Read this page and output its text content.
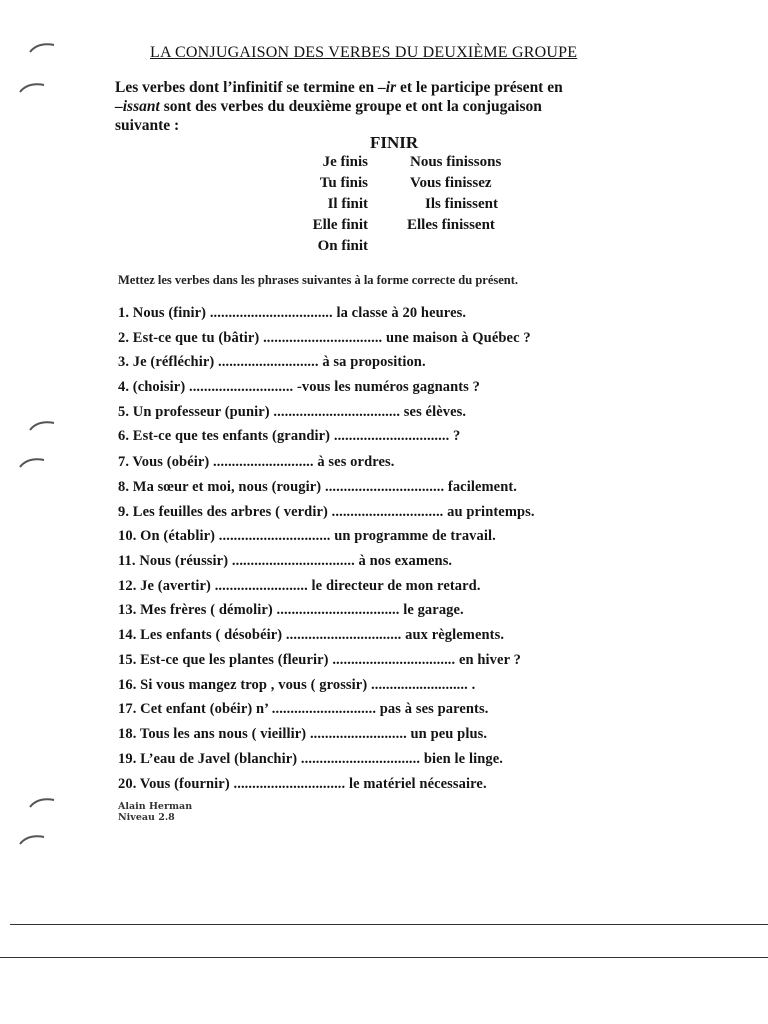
LA CONJUGAISON DES VERBES DU DEUXIÈME GROUPE
Les verbes dont l’infinitif se termine en –ir et le participe présent en
–issant sont des verbes du deuxième groupe et ont la conjugaison
suivante :
FINIR
Je finis
Tu finis
Il finit
Elle finit
On finit
Nous finissons
Vous finissez
Ils finissent
Elles finissent
Mettez les verbes dans les phrases suivantes à la forme correcte du présent.
1. Nous (finir) ................................. la classe à 20 heures.
2. Est-ce que tu (bâtir) ................................ une maison à Québec ?
3. Je (réfléchir) ........................... à sa proposition.
4. (choisir) ............................ -vous les numéros gagnants ?
5. Un professeur (punir) .................................. ses élèves.
6. Est-ce que tes enfants (grandir) ............................... ?
7. Vous (obéir) ........................... à ses ordres.
8. Ma sœur et moi, nous (rougir) ................................ facilement.
9. Les feuilles des arbres ( verdir) .............................. au printemps.
10. On (établir) .............................. un programme de travail.
11. Nous (réussir) ................................. à nos examens.
12. Je (avertir) ......................... le directeur de mon retard.
13. Mes frères ( démolir) ................................. le garage.
14. Les enfants ( désobéir) ............................... aux règlements.
15. Est-ce que les plantes (fleurir) ................................. en hiver ?
16. Si vous mangez trop , vous ( grossir) .......................... .
17. Cet enfant (obéir) n’ ............................ pas à ses parents.
18. Tous les ans nous ( vieillir) .......................... un peu plus.
19. L’eau de Javel (blanchir) ................................ bien le linge.
20. Vous (fournir) .............................. le matériel nécessaire.
Alain Herman
Niveau 2.8
